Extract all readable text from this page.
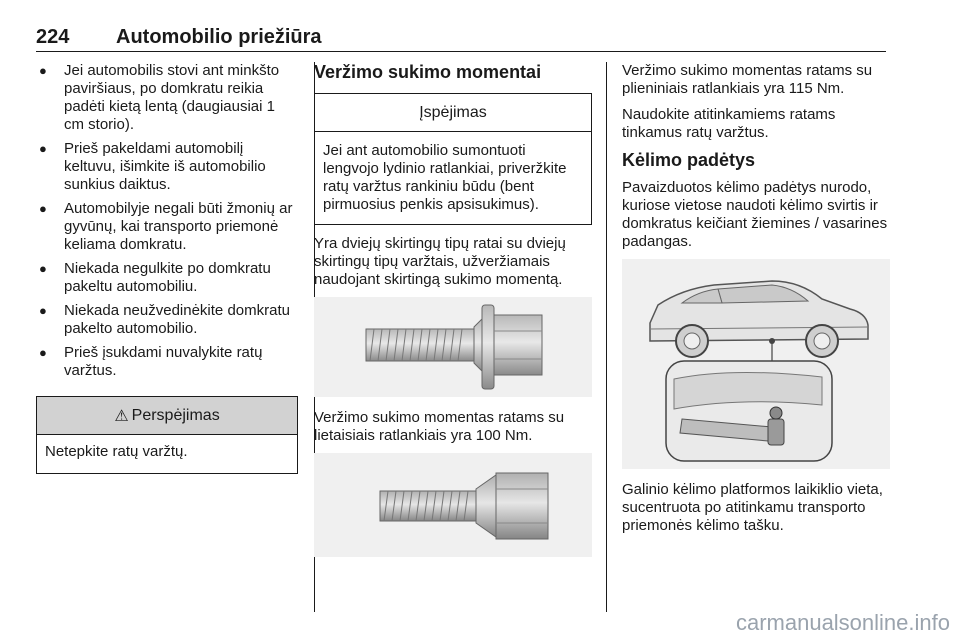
224 Automobilio priežiūra
● Jei automobilis stovi ant minkšto paviršiaus, po domkratu reikia padėti kietą lentą (daugiausiai 1 cm storio).
● Prieš pakeldami automobilį keltuvu, išimkite iš automobilio sunkius daiktus.
● Automobilyje negali būti žmonių ar gyvūnų, kai transporto priemonė keliama domkratu.
● Niekada negulkite po domkratu pakeltu automobiliu.
● Niekada neužvedinėkite domkratu pakelto automobilio.
● Prieš įsukdami nuvalykite ratų varžtus.
⚠ Perspėjimas
Netepkite ratų varžtų.
Veržimo sukimo momentai
Įspėjimas
Jei ant automobilio sumontuoti lengvojo lydinio ratlankiai, priveržkite ratų varžtus rankiniu būdu (bent pirmuosius penkis apsisukimus).
Yra dviejų skirtingų tipų ratai su dviejų skirtingų tipų varžtais, užveržiamais naudojant skirtingą sukimo momentą.
Veržimo sukimo momentas ratams su lietaisiais ratlankiais yra 100 Nm.
Veržimo sukimo momentas ratams su plieniniais ratlankiais yra 115 Nm.
Naudokite atitinkamiems ratams tinkamus ratų varžtus.
Kėlimo padėtys
Pavaizduotos kėlimo padėtys nurodo, kuriose vietose naudoti kėlimo svirtis ir domkratus keičiant žiemines / vasarines padangas.
Galinio kėlimo platformos laikiklio vieta, sucentruota po atitinkamu transporto priemonės kėlimo tašku.
carmanualsonline.info
